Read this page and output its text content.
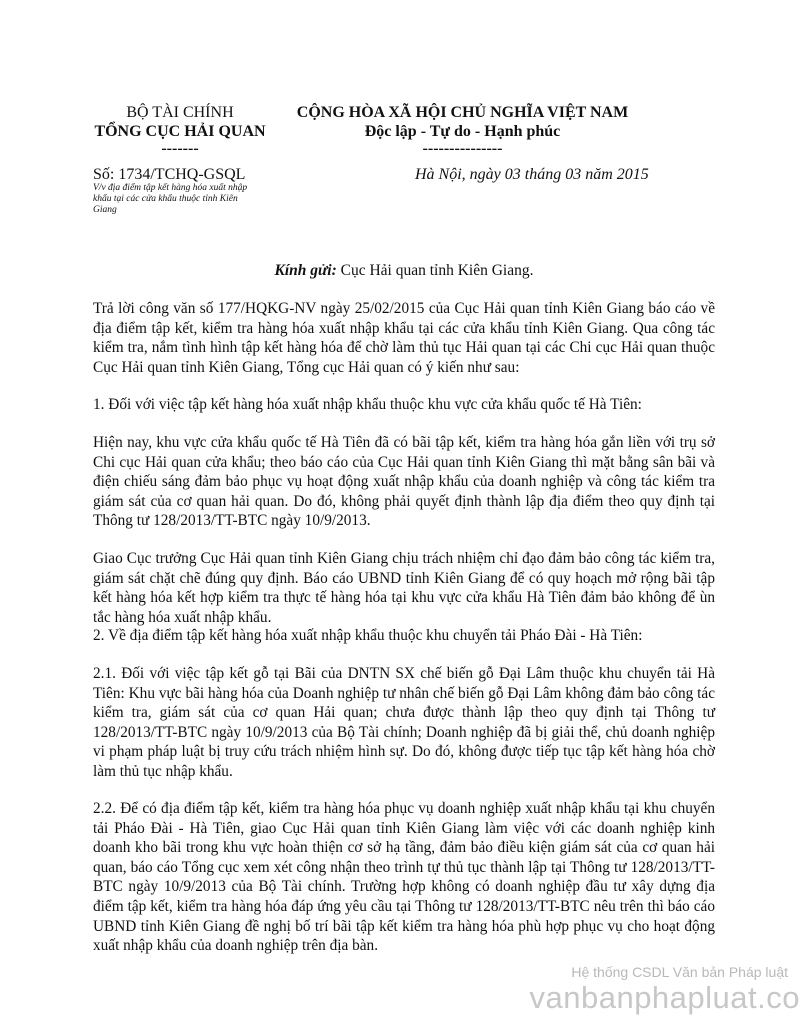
BỘ TÀI CHÍNH
TỔNG CỤC HẢI QUAN
-------
CỘNG HÒA XÃ HỘI CHỦ NGHĨA VIỆT NAM
Độc lập - Tự do - Hạnh phúc
---------------
Số: 1734/TCHQ-GSQL
V/v địa điểm tập kết hàng hóa xuất nhập
khẩu tại các cửa khẩu thuộc tỉnh Kiên
Giang
Hà Nội, ngày 03 tháng 03 năm 2015
Kính gửi: Cục Hải quan tỉnh Kiên Giang.

Trả lời công văn số 177/HQKG-NV ngày 25/02/2015 của Cục Hải quan tỉnh Kiên Giang báo cáo về địa điểm tập kết, kiểm tra hàng hóa xuất nhập khẩu tại các cửa khẩu tỉnh Kiên Giang. Qua công tác kiểm tra, nắm tình hình tập kết hàng hóa để chờ làm thủ tục Hải quan tại các Chi cục Hải quan thuộc Cục Hải quan tỉnh Kiên Giang, Tổng cục Hải quan có ý kiến như sau:

1. Đối với việc tập kết hàng hóa xuất nhập khẩu thuộc khu vực cửa khẩu quốc tế Hà Tiên:

Hiện nay, khu vực cửa khẩu quốc tế Hà Tiên đã có bãi tập kết, kiểm tra hàng hóa gắn liền với trụ sở Chi cục Hải quan cửa khẩu; theo báo cáo của Cục Hải quan tỉnh Kiên Giang thì mặt bằng sân bãi và điện chiếu sáng đảm bảo phục vụ hoạt động xuất nhập khẩu của doanh nghiệp và công tác kiểm tra giám sát của cơ quan hải quan. Do đó, không phải quyết định thành lập địa điểm theo quy định tại Thông tư 128/2013/TT-BTC ngày 10/9/2013.

Giao Cục trưởng Cục Hải quan tỉnh Kiên Giang chịu trách nhiệm chỉ đạo đảm bảo công tác kiểm tra, giám sát chặt chẽ đúng quy định. Báo cáo UBND tỉnh Kiên Giang để có quy hoạch mở rộng bãi tập kết hàng hóa kết hợp kiểm tra thực tế hàng hóa tại khu vực cửa khẩu Hà Tiên đảm bảo không để ùn tắc hàng hóa xuất nhập khẩu.

2. Về địa điểm tập kết hàng hóa xuất nhập khẩu thuộc khu chuyển tải Pháo Đài - Hà Tiên:

2.1. Đối với việc tập kết gỗ tại Bãi của DNTN SX chế biến gỗ Đại Lâm thuộc khu chuyển tải Hà Tiên: Khu vực bãi hàng hóa của Doanh nghiệp tư nhân chế biến gỗ Đại Lâm không đảm bảo công tác kiểm tra, giám sát của cơ quan Hải quan; chưa được thành lập theo quy định tại Thông tư 128/2013/TT-BTC ngày 10/9/2013 của Bộ Tài chính; Doanh nghiệp đã bị giải thể, chủ doanh nghiệp vi phạm pháp luật bị truy cứu trách nhiệm hình sự. Do đó, không được tiếp tục tập kết hàng hóa chờ làm thủ tục nhập khẩu.

2.2. Để có địa điểm tập kết, kiểm tra hàng hóa phục vụ doanh nghiệp xuất nhập khẩu tại khu chuyển tải Pháo Đài - Hà Tiên, giao Cục Hải quan tỉnh Kiên Giang làm việc với các doanh nghiệp kinh doanh kho bãi trong khu vực hoàn thiện cơ sở hạ tầng, đảm bảo điều kiện giám sát của cơ quan hải quan, báo cáo Tổng cục xem xét công nhận theo trình tự thủ tục thành lập tại Thông tư 128/2013/TT-BTC ngày 10/9/2013 của Bộ Tài chính. Trường hợp không có doanh nghiệp đầu tư xây dựng địa điểm tập kết, kiểm tra hàng hóa đáp ứng yêu cầu tại Thông tư 128/2013/TT-BTC nêu trên thì báo cáo UBND tỉnh Kiên Giang đề nghị bố trí bãi tập kết kiểm tra hàng hóa phù hợp phục vụ cho hoạt động xuất nhập khẩu của doanh nghiệp trên địa bàn.

Hệ thống CSDL Văn bản Pháp luật
vanbanphapluat.co
